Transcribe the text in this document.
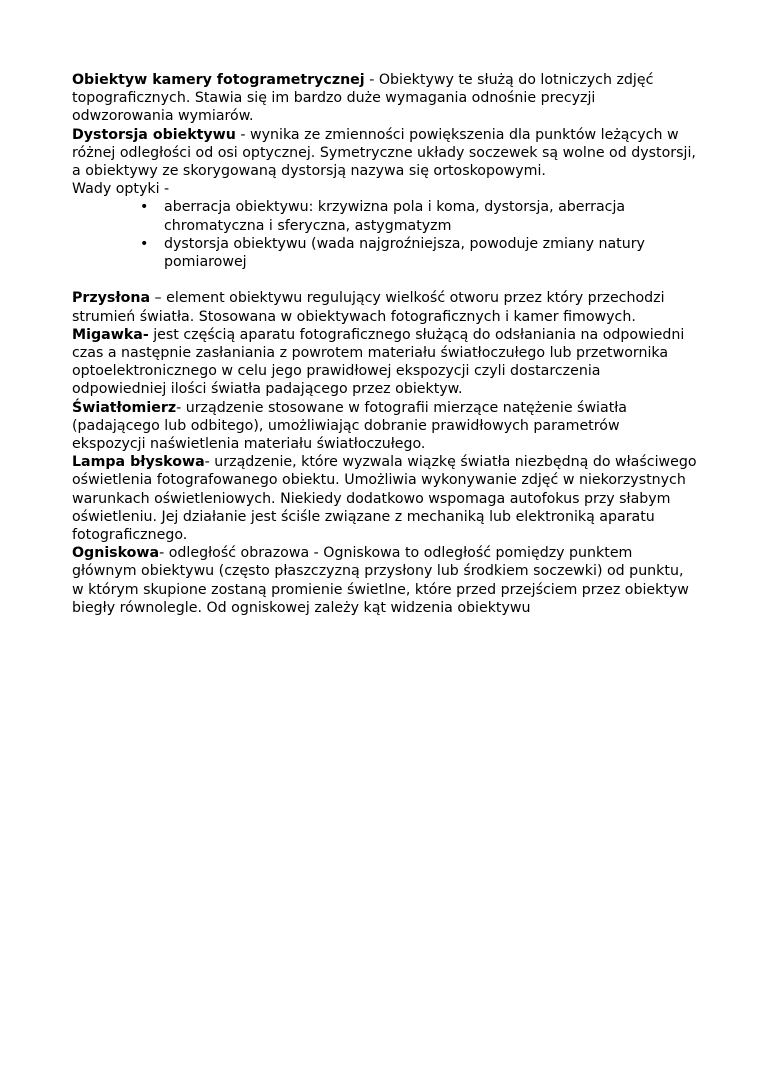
Obiektyw kamery fotogrametrycznej - Obiektywy te służą do lotniczych zdjęć topograficznych. Stawia się im bardzo duże wymagania odnośnie precyzji odwzorowania wymiarów.

Dystorsja obiektywu - wynika ze zmienności powiększenia dla punktów leżących w różnej odległości od osi optycznej. Symetryczne układy soczewek są wolne od dystorsji, a obiektywy ze skorygowaną dystorsją nazywa się ortoskopowymi.

Wady optyki -

• aberracja obiektywu: krzywizna pola i koma, dystorsja, aberracja chromatyczna i sferyczna, astygmatyzm
• dystorsja obiektywu (wada najgroźniejsza, powoduje zmiany natury pomiarowej

Przysłona – element obiektywu regulujący wielkość otworu przez który przechodzi strumień światła. Stosowana w obiektywach fotograficznych i kamer fimowych.

Migawka- jest częścią aparatu fotograficznego służącą do odsłaniania na odpowiedni czas a następnie zasłaniania z powrotem materiału światłoczułego lub przetwornika optoelektronicznego w celu jego prawidłowej ekspozycji czyli dostarczenia odpowiedniej ilości światła padającego przez obiektyw.

Światłomierz- urządzenie stosowane w fotografii mierzące natężenie światła (padającego lub odbitego), umożliwiając dobranie prawidłowych parametrów ekspozycji naświetlenia materiału światłoczułego.

Lampa błyskowa- urządzenie, które wyzwala wiązkę światła niezbędną do właściwego oświetlenia fotografowanego obiektu. Umożliwia wykonywanie zdjęć w niekorzystnych warunkach oświetleniowych. Niekiedy dodatkowo wspomaga autofokus przy słabym oświetleniu. Jej działanie jest ściśle związane z mechaniką lub elektroniką aparatu fotograficznego.

Ogniskowa- odległość obrazowa - Ogniskowa to odległość pomiędzy punktem głównym obiektywu (często płaszczyzną przysłony lub środkiem soczewki) od punktu, w którym skupione zostaną promienie świetlne, które przed przejściem przez obiektyw biegły równolegle. Od ogniskowej zależy kąt widzenia obiektywu
